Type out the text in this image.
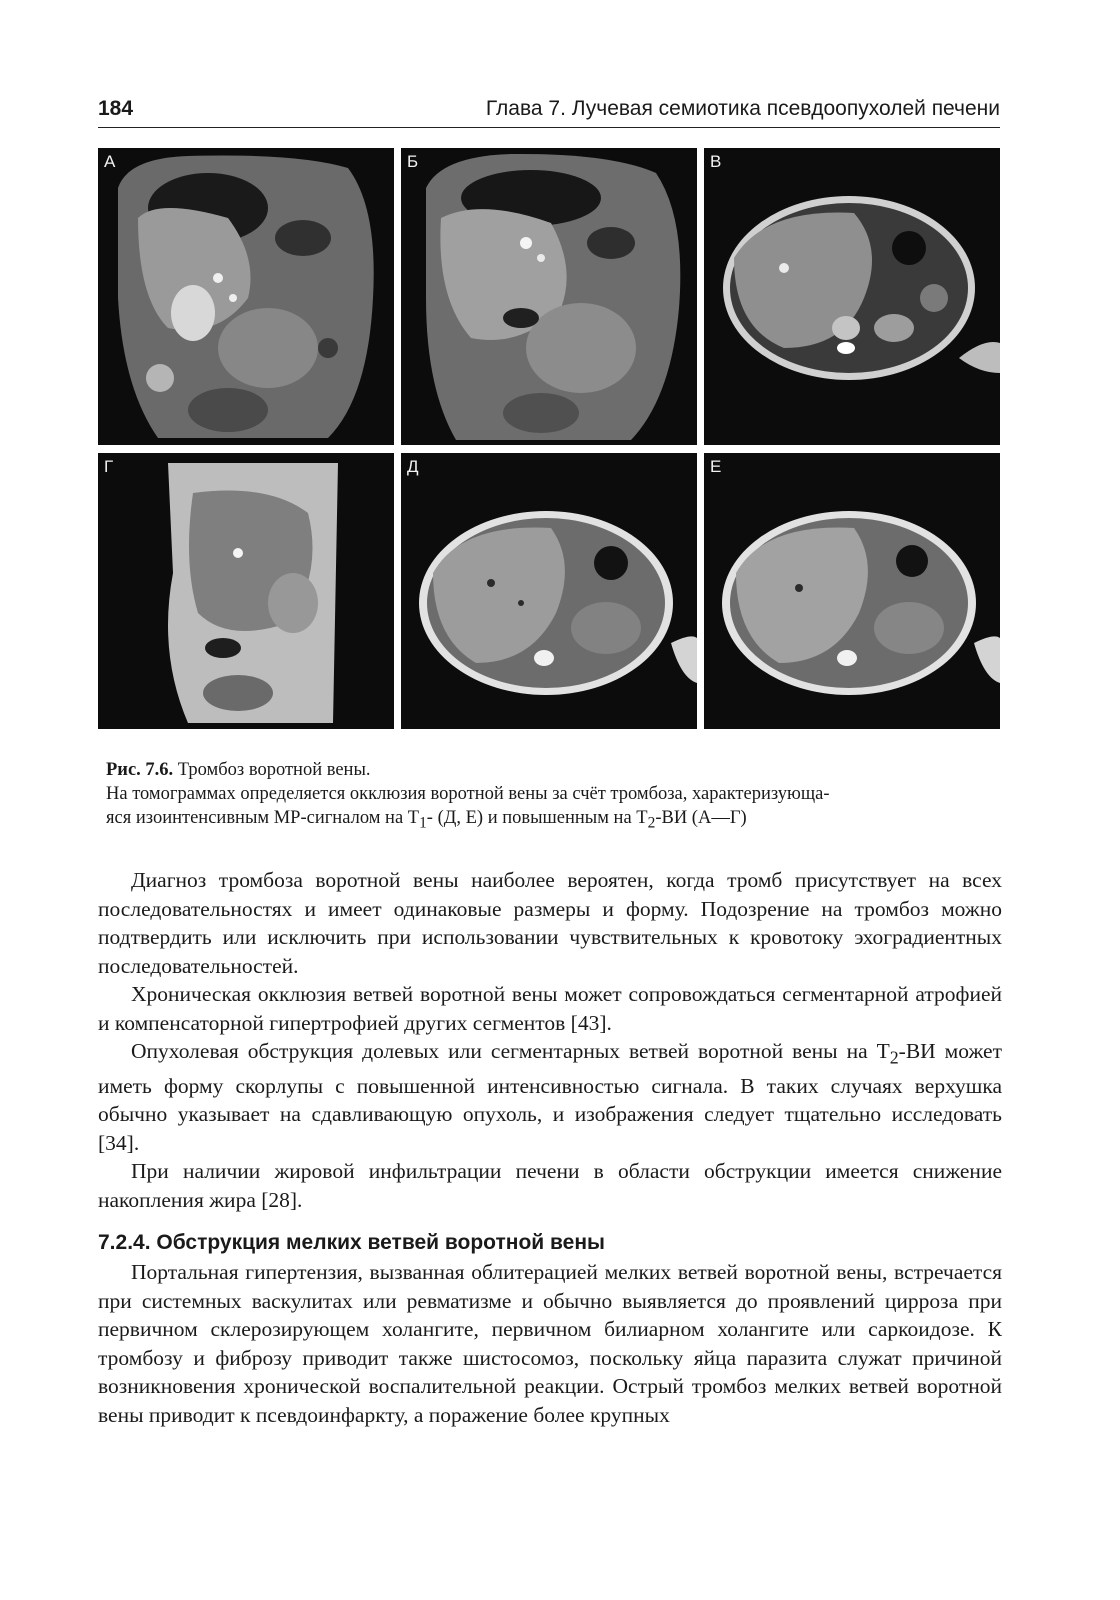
184	Глава 7. Лучевая семиотика псевдоопухолей печени
А	Б	В
Г	Д	Е
Рис. 7.6. Тромбоз воротной вены.
На томограммах определяется окклюзия воротной вены за счёт тромбоза, характеризующа-
яся изоинтенсивным МР-сигналом на $Т_1-$ (Д, Е) и повышенным на $Т_2-ВИ$ (А—Г)

Диагноз тромбоза воротной вены наиболее вероятен, когда тромб присутствует на всех последовательностях и имеет одинаковые размеры и форму. Подозрение на тромбоз можно подтвердить или исключить при использовании чувствительных к кровотоку эхоградиентных последовательностей.

Хроническая окклюзия ветвей воротной вены может сопровождаться сегментарной атрофией и компенсаторной гипертрофией других сегментов [43].

Опухолевая обструкция долевых или сегментарных ветвей воротной вены на $Т_2-ВИ$ может иметь форму скорлупы с повышенной интенсивностью сигнала. В таких случаях верхушка обычно указывает на сдавливающую опухоль, и изображения следует тщательно исследовать [34].

При наличии жировой инфильтрации печени в области обструкции имеется снижение накопления жира [28].

7.2.4. Обструкция мелких ветвей воротной вены

Портальная гипертензия, вызванная облитерацией мелких ветвей воротной вены, встречается при системных васкулитах или ревматизме и обычно выявляется до проявлений цирроза при первичном склерозирующем холангите, первичном билиарном холангите или саркоидозе. К тромбозу и фиброзу приводит также шистосомоз, поскольку яйца паразита служат причиной возникновения хронической воспалительной реакции. Острый тромбоз мелких ветвей воротной вены приводит к псевдоинфаркту, а поражение более крупных
